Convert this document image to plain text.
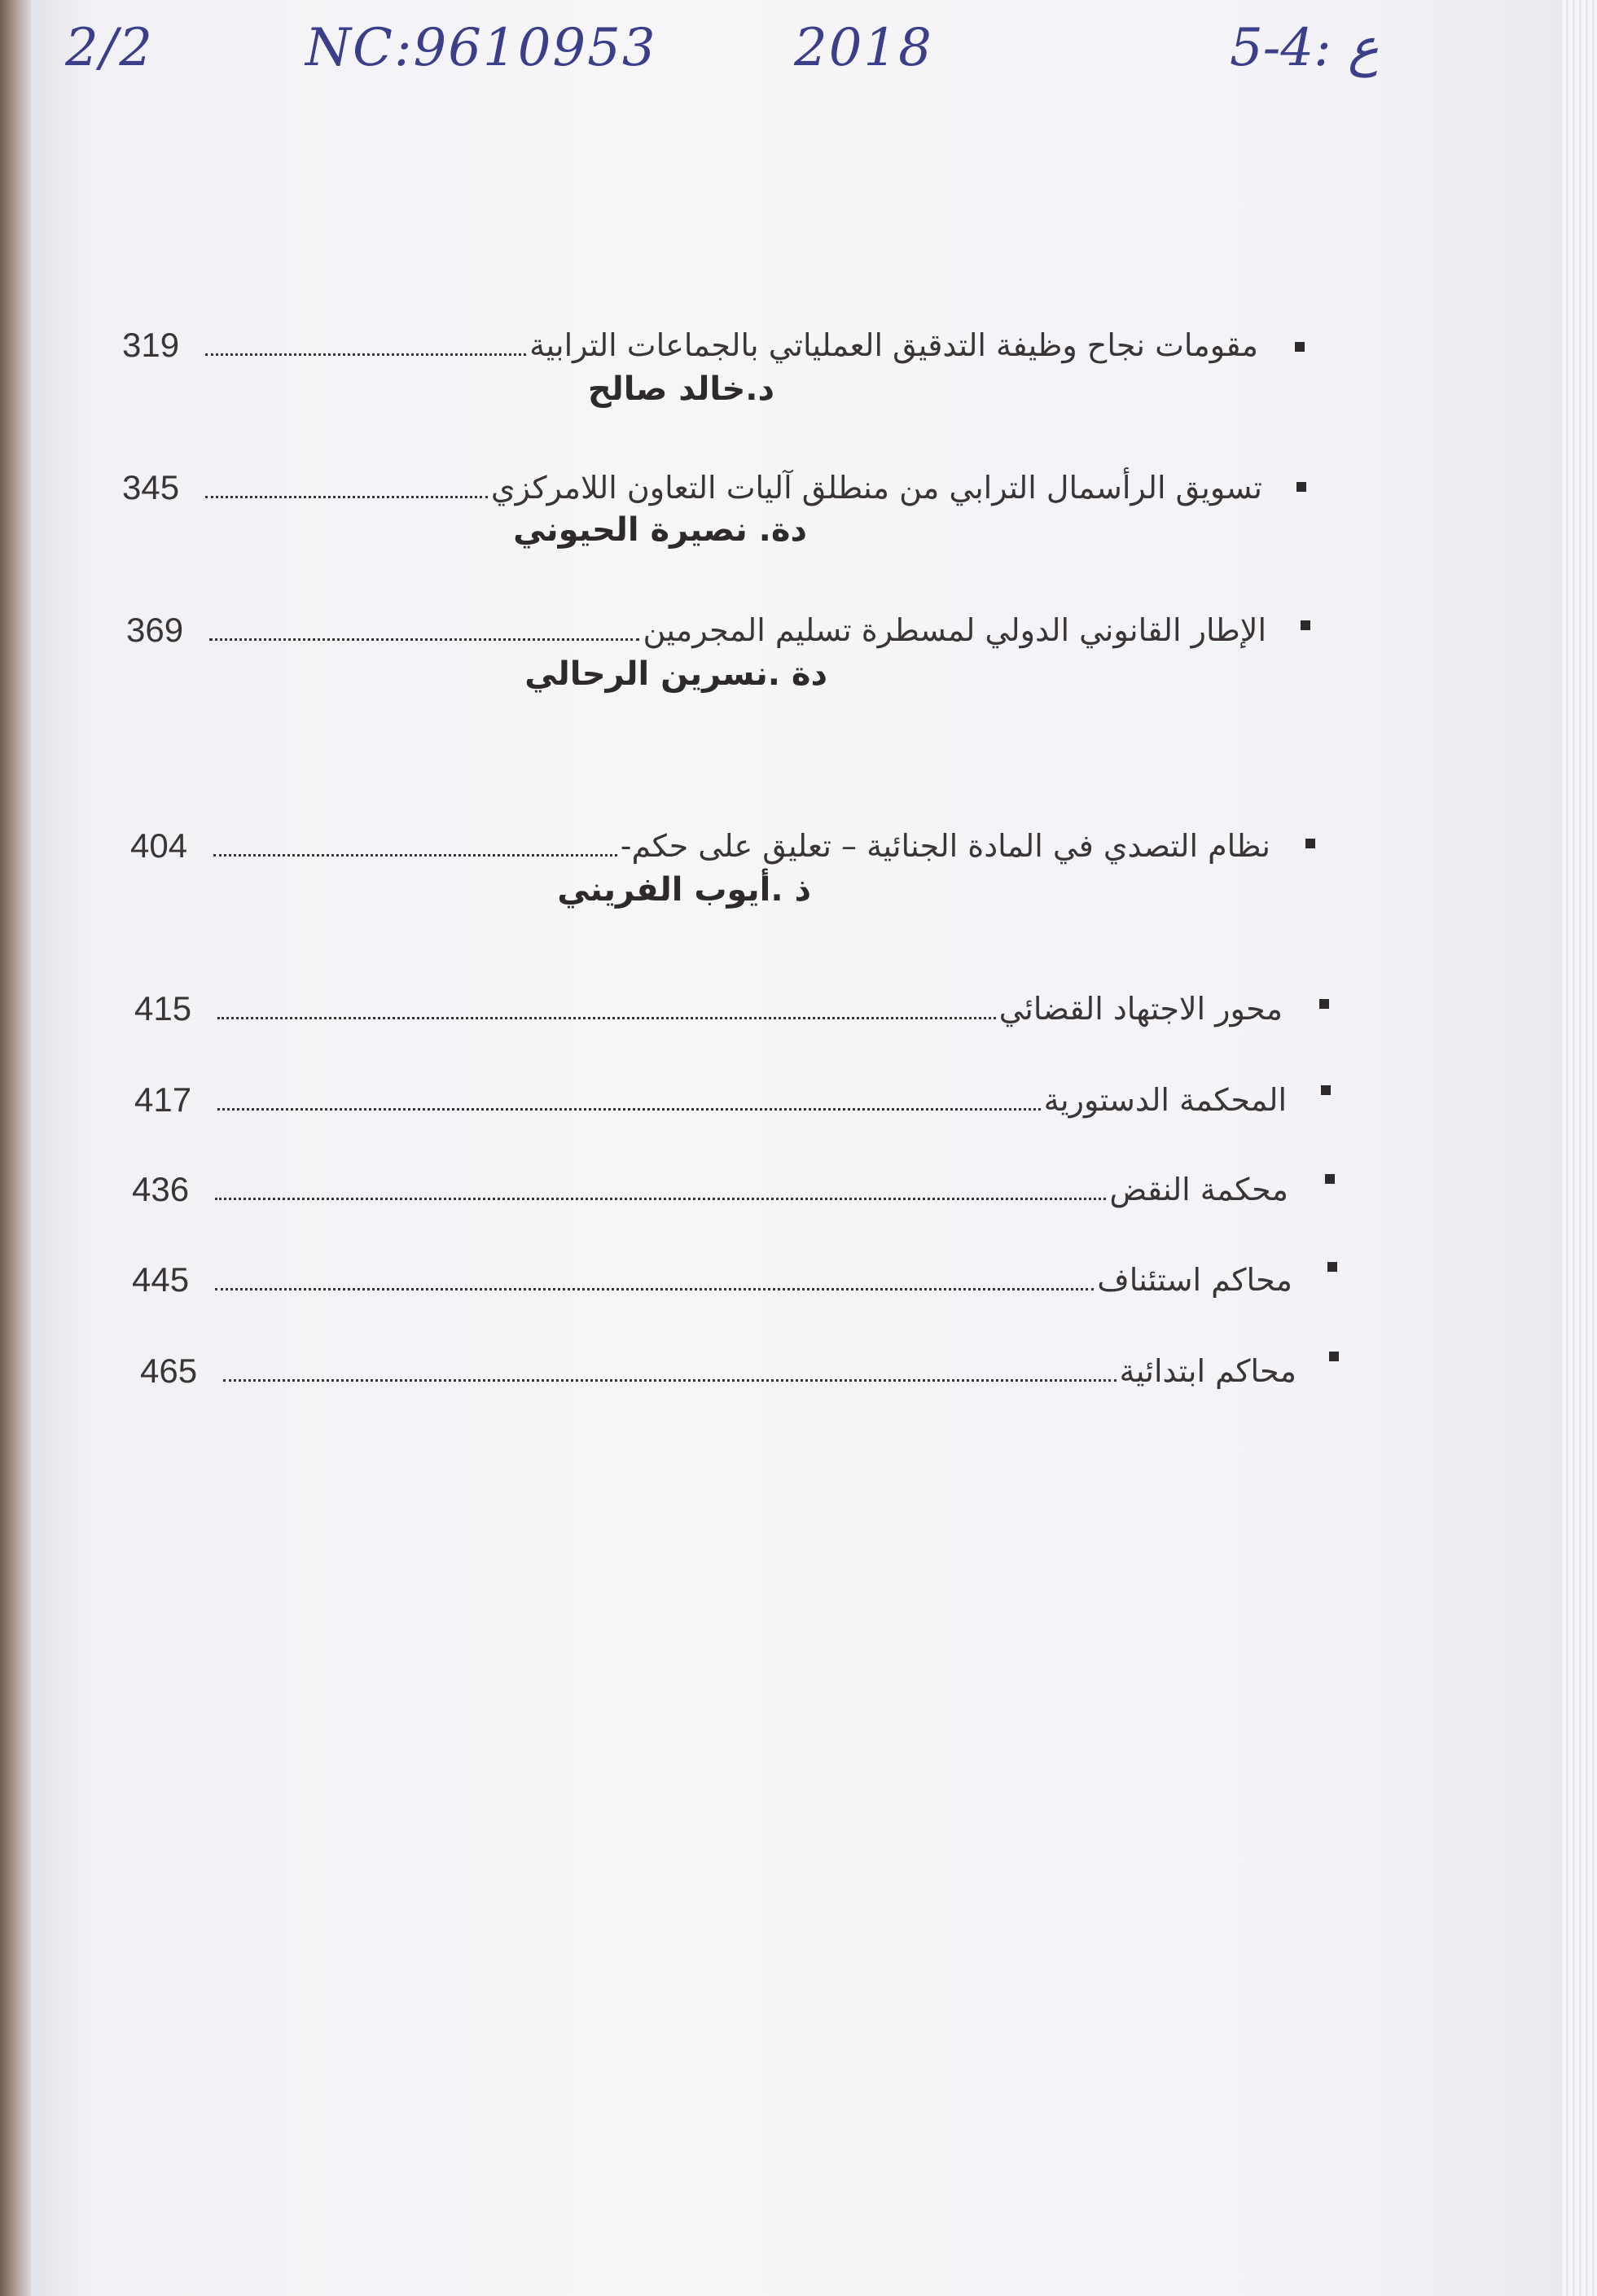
2/2	NC:9610953	2018	5-4: ع
319	مقومات نجاح وظيفة التدقيق العملياتي بالجماعات الترابية
د.خالد صالح
345	تسويق الرأسمال الترابي من منطلق آليات التعاون اللامركزي
دة. نصيرة الحيوني
369	الإطار القانوني الدولي لمسطرة تسليم المجرمين
دة .نسرين الرحالي
404	نظام التصدي في المادة الجنائية – تعليق على حكم-
ذ .أيوب الفريني
415	محور الاجتهاد القضائي
417	المحكمة الدستورية
436	محكمة النقض
445	محاكم استئناف
465	محاكم ابتدائية
